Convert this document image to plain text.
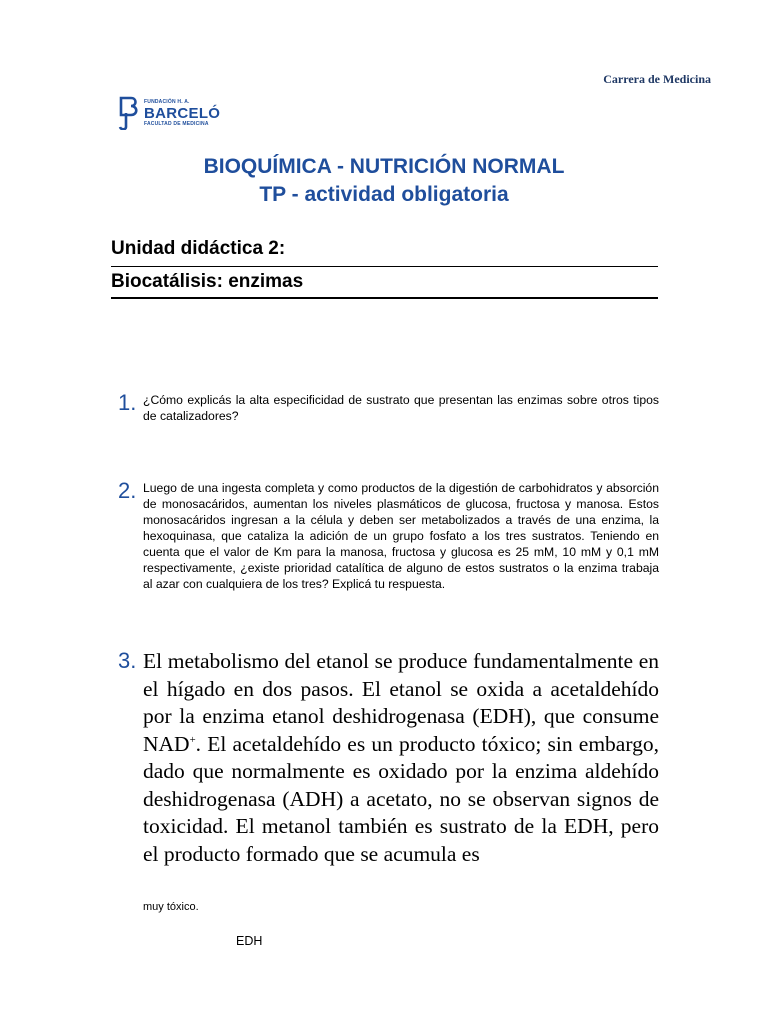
Carrera de Medicina
FUNDACIÓN H. A.
BARCELÓ
FACULTAD DE MEDICINA
BIOQUÍMICA - NUTRICIÓN NORMAL
TP - actividad obligatoria
Unidad didáctica 2:
Biocatálisis: enzimas
1. ¿Cómo explicás la alta especificidad de sustrato que presentan las enzimas sobre otros tipos de catalizadores?
2. Luego de una ingesta completa y como productos de la digestión de carbohidratos y absorción de monosacáridos, aumentan los niveles plasmáticos de glucosa, fructosa y manosa. Estos monosacáridos ingresan a la célula y deben ser metabolizados a través de una enzima, la hexoquinasa, que cataliza la adición de un grupo fosfato a los tres sustratos. Teniendo en cuenta que el valor de Km para la manosa, fructosa y glucosa es 25 mM, 10 mM y 0,1 mM respectivamente, ¿existe prioridad catalítica de alguno de estos sustratos o la enzima trabaja al azar con cualquiera de los tres? Explicá tu respuesta.
3. El metabolismo del etanol se produce fundamentalmente en el hígado en dos pasos. El etanol se oxida a acetaldehído por la enzima etanol deshidrogenasa (EDH), que consume NAD+. El acetaldehído es un producto tóxico; sin embargo, dado que normalmente es oxidado por la enzima aldehído deshidrogenasa (ADH) a acetato, no se observan signos de toxicidad. El metanol también es sustrato de la EDH, pero el producto formado que se acumula es
muy tóxico.
EDH
